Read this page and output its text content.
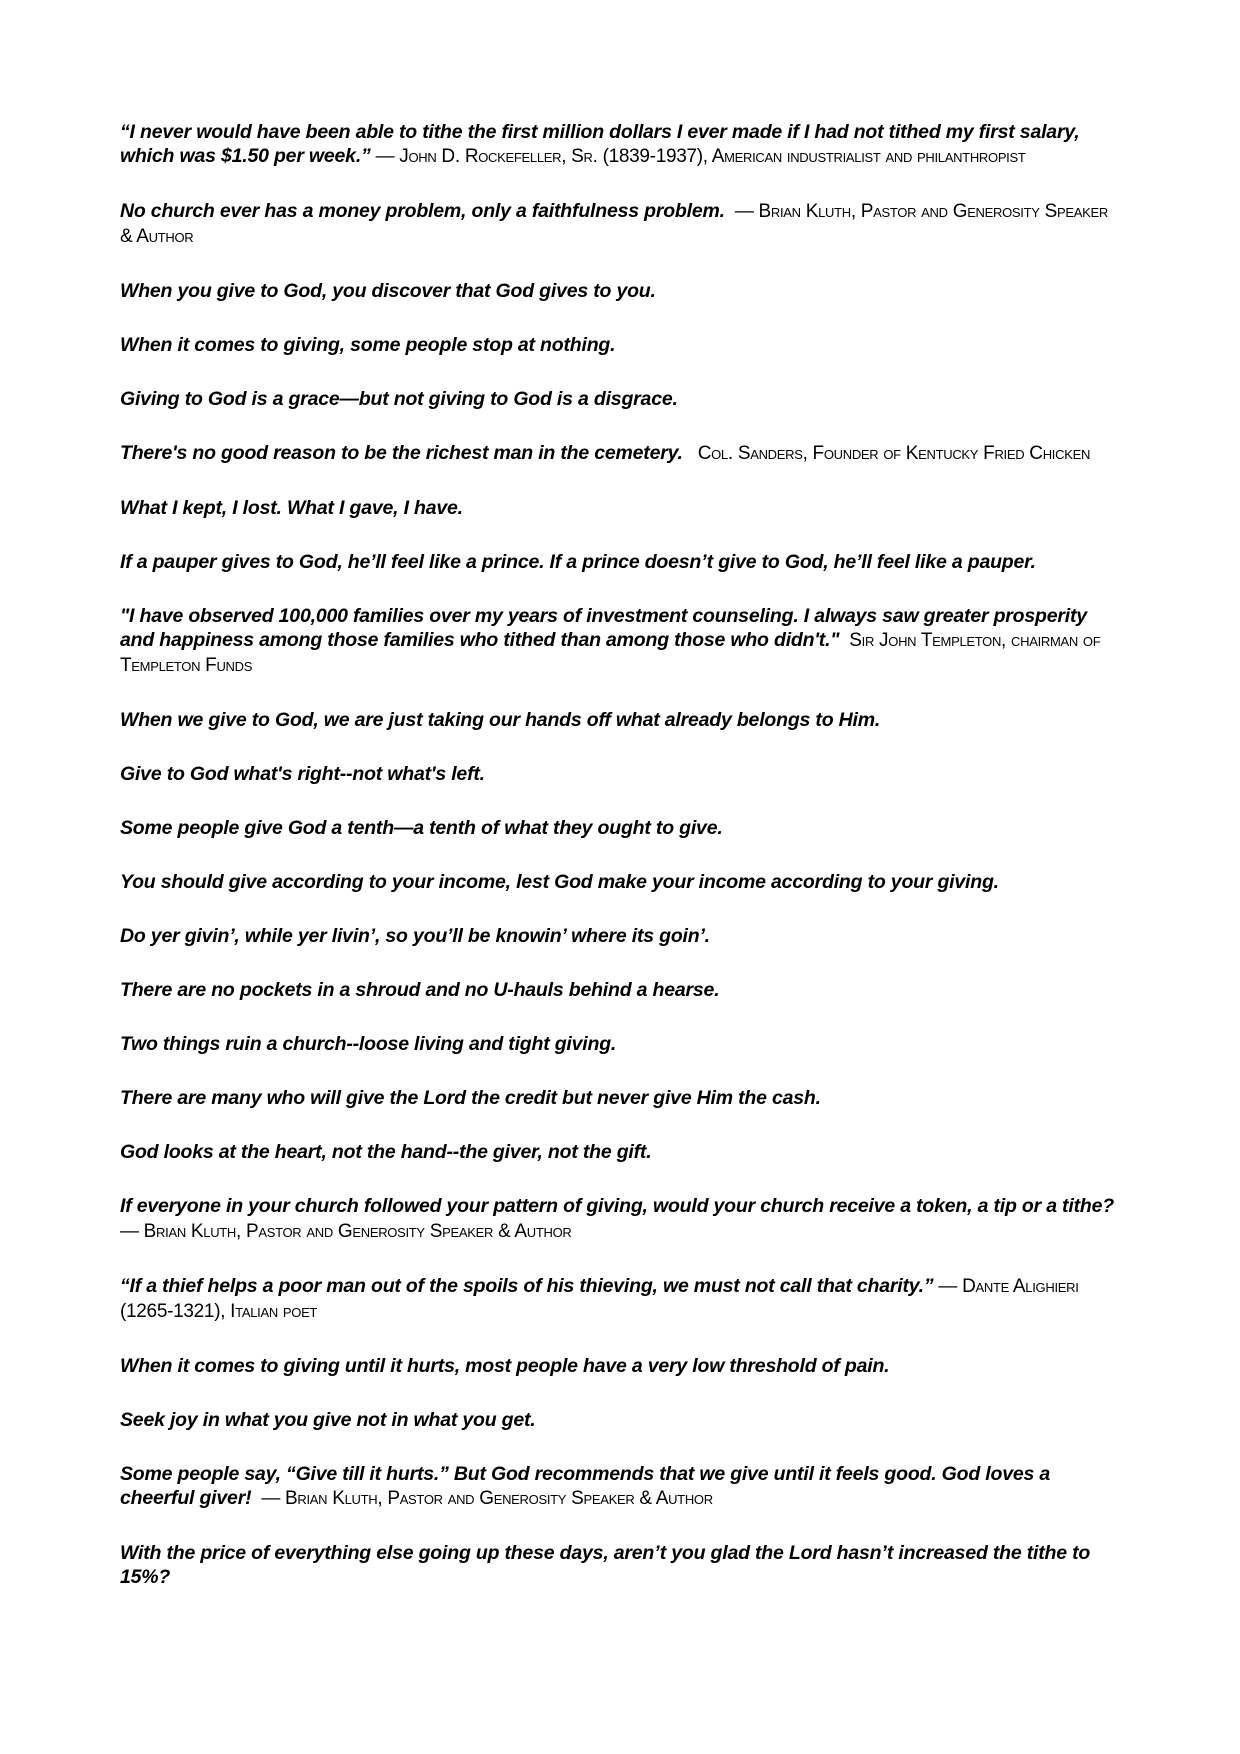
“I never would have been able to tithe the first million dollars I ever made if I had not tithed my first salary, which was $1.50 per week.” — John D. Rockefeller, Sr. (1839-1937), American industrialist and philanthropist

No church ever has a money problem, only a faithfulness problem.  — Brian Kluth, Pastor and Generosity Speaker & Author

When you give to God, you discover that God gives to you.

When it comes to giving, some people stop at nothing.

Giving to God is a grace—but not giving to God is a disgrace.

There's no good reason to be the richest man in the cemetery.   Col. Sanders, Founder of Kentucky Fried Chicken

What I kept, I lost. What I gave, I have.

If a pauper gives to God, he’ll feel like a prince. If a prince doesn’t give to God, he’ll feel like a pauper.

"I have observed 100,000 families over my years of investment counseling. I always saw greater prosperity and happiness among those families who tithed than among those who didn't."  Sir John Templeton, chairman of Templeton Funds

When we give to God, we are just taking our hands off what already belongs to Him.

Give to God what's right--not what's left.

Some people give God a tenth—a tenth of what they ought to give.

You should give according to your income, lest God make your income according to your giving.

Do yer givin’, while yer livin’, so you’ll be knowin’ where its goin’.

There are no pockets in a shroud and no U-hauls behind a hearse.

Two things ruin a church--loose living and tight giving.

There are many who will give the Lord the credit but never give Him the cash.

God looks at the heart, not the hand--the giver, not the gift.

If everyone in your church followed your pattern of giving, would your church receive a token, a tip or a tithe?  — Brian Kluth, Pastor and Generosity Speaker & Author

“If a thief helps a poor man out of the spoils of his thieving, we must not call that charity.” — Dante Alighieri (1265-1321), Italian poet

When it comes to giving until it hurts, most people have a very low threshold of pain.

Seek joy in what you give not in what you get.

Some people say, “Give till it hurts.” But God recommends that we give until it feels good. God loves a cheerful giver!  — Brian Kluth, Pastor and Generosity Speaker & Author

With the price of everything else going up these days, aren’t you glad the Lord hasn’t increased the tithe to 15%?
